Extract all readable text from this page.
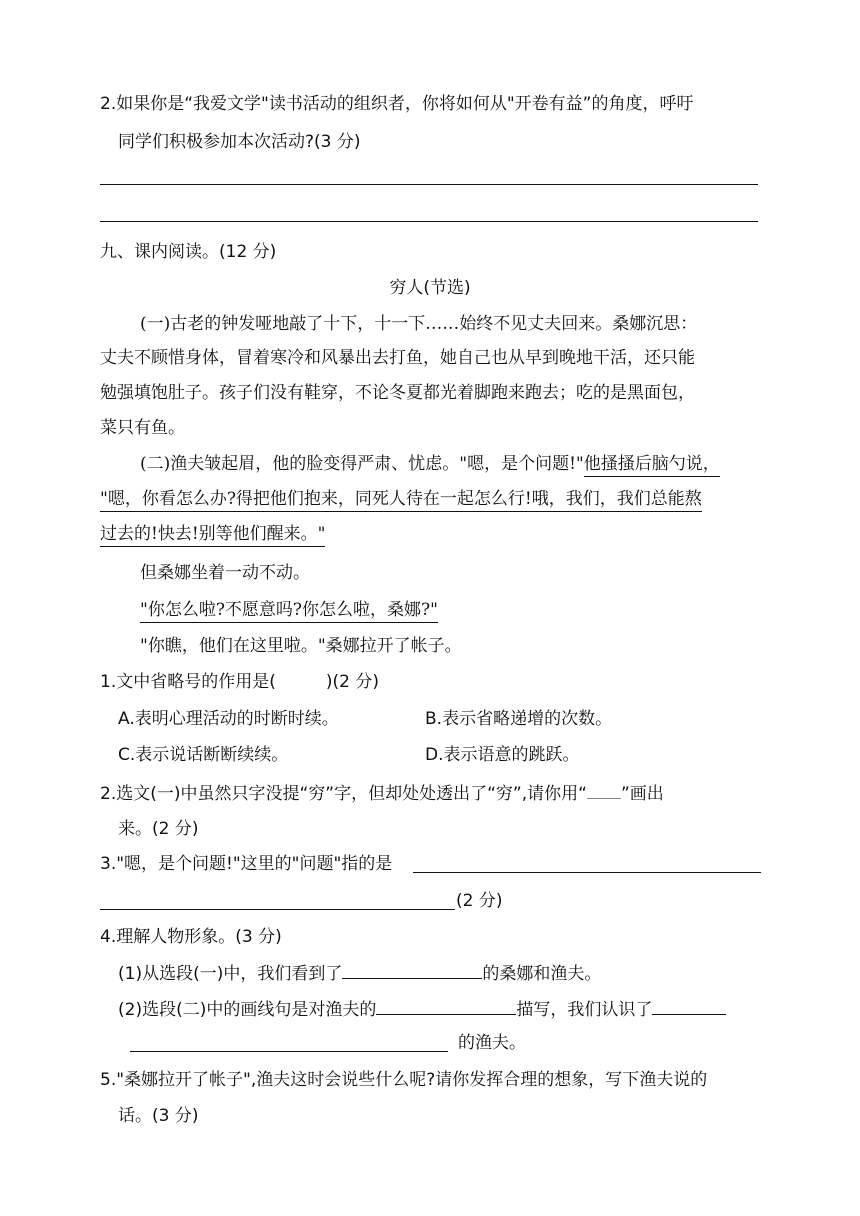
2.如果你是“我爱文学"读书活动的组织者，你将如何从"开卷有益”的角度，呼吁
同学们积极参加本次活动?(3 分)
九、课内阅读。(12 分)
穷人(节选)
(一)古老的钟发哑地敲了十下，十一下……始终不见丈夫回来。桑娜沉思：
丈夫不顾惜身体，冒着寒冷和风暴出去打鱼，她自己也从早到晚地干活，还只能
勉强填饱肚子。孩子们没有鞋穿，不论冬夏都光着脚跑来跑去；吃的是黑面包，
菜只有鱼。
(二)渔夫皱起眉，他的脸变得严肃、忧虑。"嗯，是个问题!"他搔搔后脑勺说，
"嗯，你看怎么办?得把他们抱来，同死人待在一起怎么行!哦，我们，我们总能熬
过去的!快去!别等他们醒来。"
但桑娜坐着一动不动。
"你怎么啦?不愿意吗?你怎么啦，桑娜?"
"你瞧，他们在这里啦。"桑娜拉开了帐子。
1.文中省略号的作用是(	)(2 分)
A.表明心理活动的时断时续。	B.表示省略递增的次数。
C.表示说话断断续续。	D.表示语意的跳跃。
2.选文(一)中虽然只字没提“穷”字，但却处处透出了“穷”,请你用“ ”画出
来。(2 分)
3."嗯，是个问题!"这里的"问题"指的是
(2 分)
4.理解人物形象。(3 分)
(1)从选段(一)中，我们看到了	的桑娜和渔夫。
(2)选段(二)中的画线句是对渔夫的	描写，我们认识了
的渔夫。
5."桑娜拉开了帐子",渔夫这时会说些什么呢?请你发挥合理的想象，写下渔夫说的
话。(3 分)
